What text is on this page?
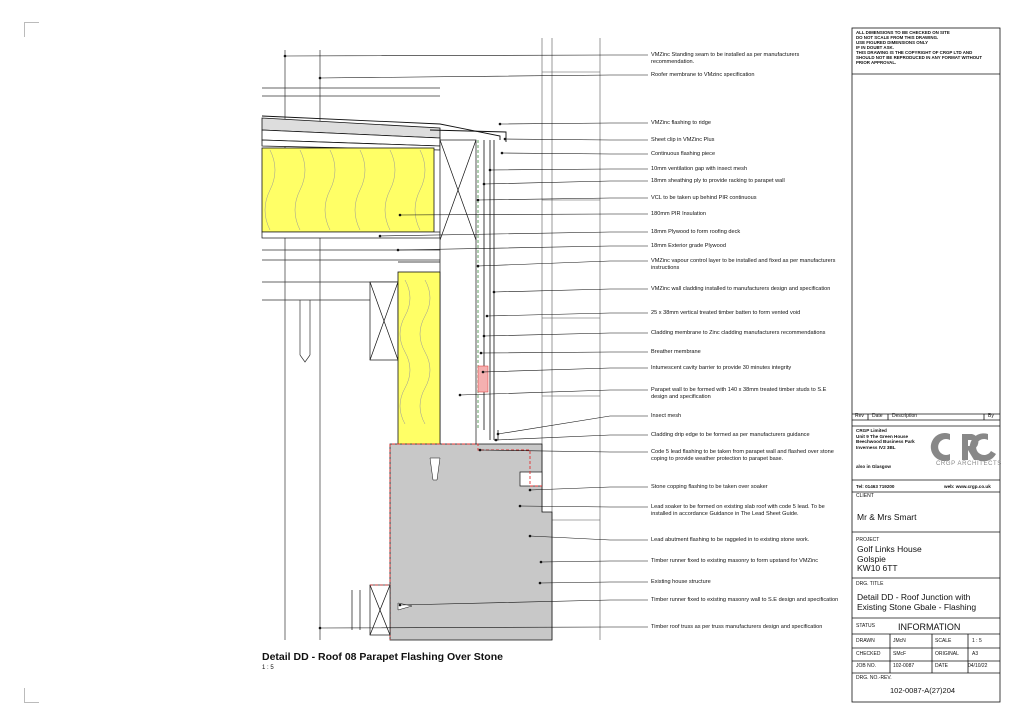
VMZinc Standing seam to be installed as per manufacturers recommendation.
Roofer membrane to VMzinc specification
VMZinc flashing to ridge
Sheet clip in VMZinc Plus
Continuous flashing piece
10mm ventilation gap with insect mesh
18mm sheathing ply to provide racking to parapet wall
VCL to be taken up behind PIR continuous
180mm PIR Insulation
18mm Plywood to form roofing deck
18mm Exterior grade Plywood
VMZinc vapour control layer to be installed and fixed as per manufacturers instructions
VMZinc wall cladding installed to manufacturers design and specification
25 x 38mm vertical treated timber batten to form vented void
Cladding membrane to Zinc cladding manufacturers recommendations
Breather membrane
Intumescent cavity barrier to provide 30 minutes integrity
Parapet wall to be formed with 140 x 38mm treated timber studs to S.E design and specification
Insect mesh
Cladding drip edge to be formed as per manufacturers guidance
Code 5 lead flashing to be taken from parapet wall and flashed over stone coping to provide weather protection to parapet base.
Stone copping flashing to be taken over soaker
Lead soaker to be formed on existing slab roof with code 5 lead. To be installed in accordance Guidance in The Lead Sheet Guide.
Lead abutment flashing to be raggeled in to existing stone work.
Timber runner fixed to existing masonry to form upstand for VMZinc
Existing house structure
Timber runner fixed to existing masonry wall to S.E design and specification
Timber roof truss as per truss manufacturers design and specification
Detail DD - Roof 08 Parapet Flashing Over Stone
1 : 5
ALL DIMENSIONS TO BE CHECKED ON SITE
DO NOT SCALE FROM THIS DRAWING.
USE FIGURED DIMENSIONS ONLY
IF IN DOUBT ASK.
THIS DRAWING IS THE COPYRIGHT OF CRGP LTD AND
SHOULD NOT BE REPRODUCED IN ANY FORMAT WITHOUT
PRIOR APPROVAL.
Rev Date Description	By
CRGP Limited
Unit 9 The Green House
Beechwood Business Park
Inverness IV2 3BL
also in Glasgow	CRGP ARCHITECTS
Tel: 01463 719200	web: www.crgp.co.uk
CLIENT
Mr & Mrs Smart
PROJECT
Golf Links House
Golspie
KW10 6TT
DRG. TITLE
Detail DD - Roof Junction with
Existing Stone Gbale - Flashing
STATUS	INFORMATION
DRAWN	JMcN	SCALE	1 : 5
CHECKED	SMcF	ORIGINAL	A3
JOB NO.	102-0087	DATE	04/10/22
DRG. NO.-REV.
102-0087-A(27)204
